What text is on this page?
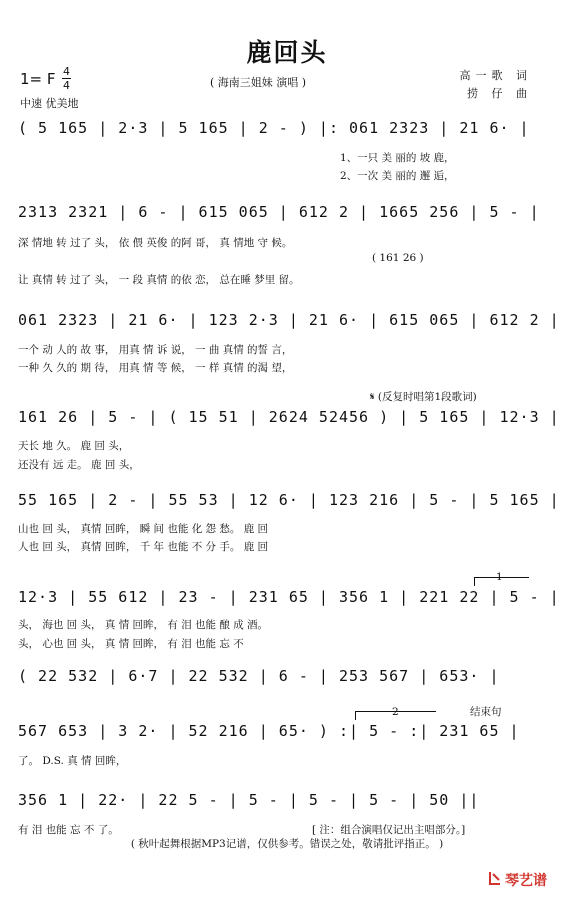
鹿回头
1= F 4
4
中速 优美地
( 海南三姐妹 演唱 )
高一歌 词
捞 仔 曲
( 5 165 | 2·3 | 5 165 | 2 - ) |: 061 2323 | 21 6· |
1、一只 美 丽的 坡 鹿，
2、一次 美 丽的 邂 逅，
2313 2321 | 6 - | 615 065 | 612 2 | 1665 256 | 5 - |
深 情地 转 过了 头， 依 偎 英俊 的阿 哥， 真 情地 守 候。
( 161 26 )
让 真情 转 过了 头， 一 段 真情 的依 恋， 总在睡 梦里 留。
061 2323 | 21 6· | 123 2·3 | 21 6· | 615 065 | 612 2 |
一个 动 人的 故 事， 用真 情 诉 说， 一 曲 真情 的誓 言，
一种 久 久的 期 待， 用真 情 等 候， 一 样 真情 的渴 望，
𝄋 (反复时唱第1段歌词)
161 26 | 5 - | ( 15 51 | 2624 52456 ) | 5 165 | 12·3 |
天长 地 久。 鹿 回 头，
还没有 远 走。 鹿 回 头，
55 165 | 2 - | 55 53 | 12 6· | 123 216 | 5 - | 5 165 |
山也 回 头， 真情 回眸， 瞬 间 也能 化 怨 愁。 鹿 回
人也 回 头， 真情 回眸， 千 年 也能 不 分 手。 鹿 回
1
12·3 | 55 612 | 23 - | 231 65 | 356 1 | 221 22 | 5 - |
头， 海也 回 头， 真 情 回眸， 有 泪 也能 酿 成 酒。
头， 心也 回 头， 真 情 回眸， 有 泪 也能 忘 不
( 22 532 | 6·7 | 22 532 | 6 - | 253 567 | 653· |
2	结束句
567 653 | 3 2· | 52 216 | 65· ) :| 5 - :| 231 65 |
了。 D.S. 真 情 回眸，
356 1 | 22· | 22 5 - | 5 - | 5 - | 5 - | 50 ||
有 泪 也能 忘 不 了。	[ 注：组合演唱仅记出主唱部分。]
( 秋叶起舞根据MP3记谱，仅供参考。错误之处，敬请批评指正。 )
琴艺谱
